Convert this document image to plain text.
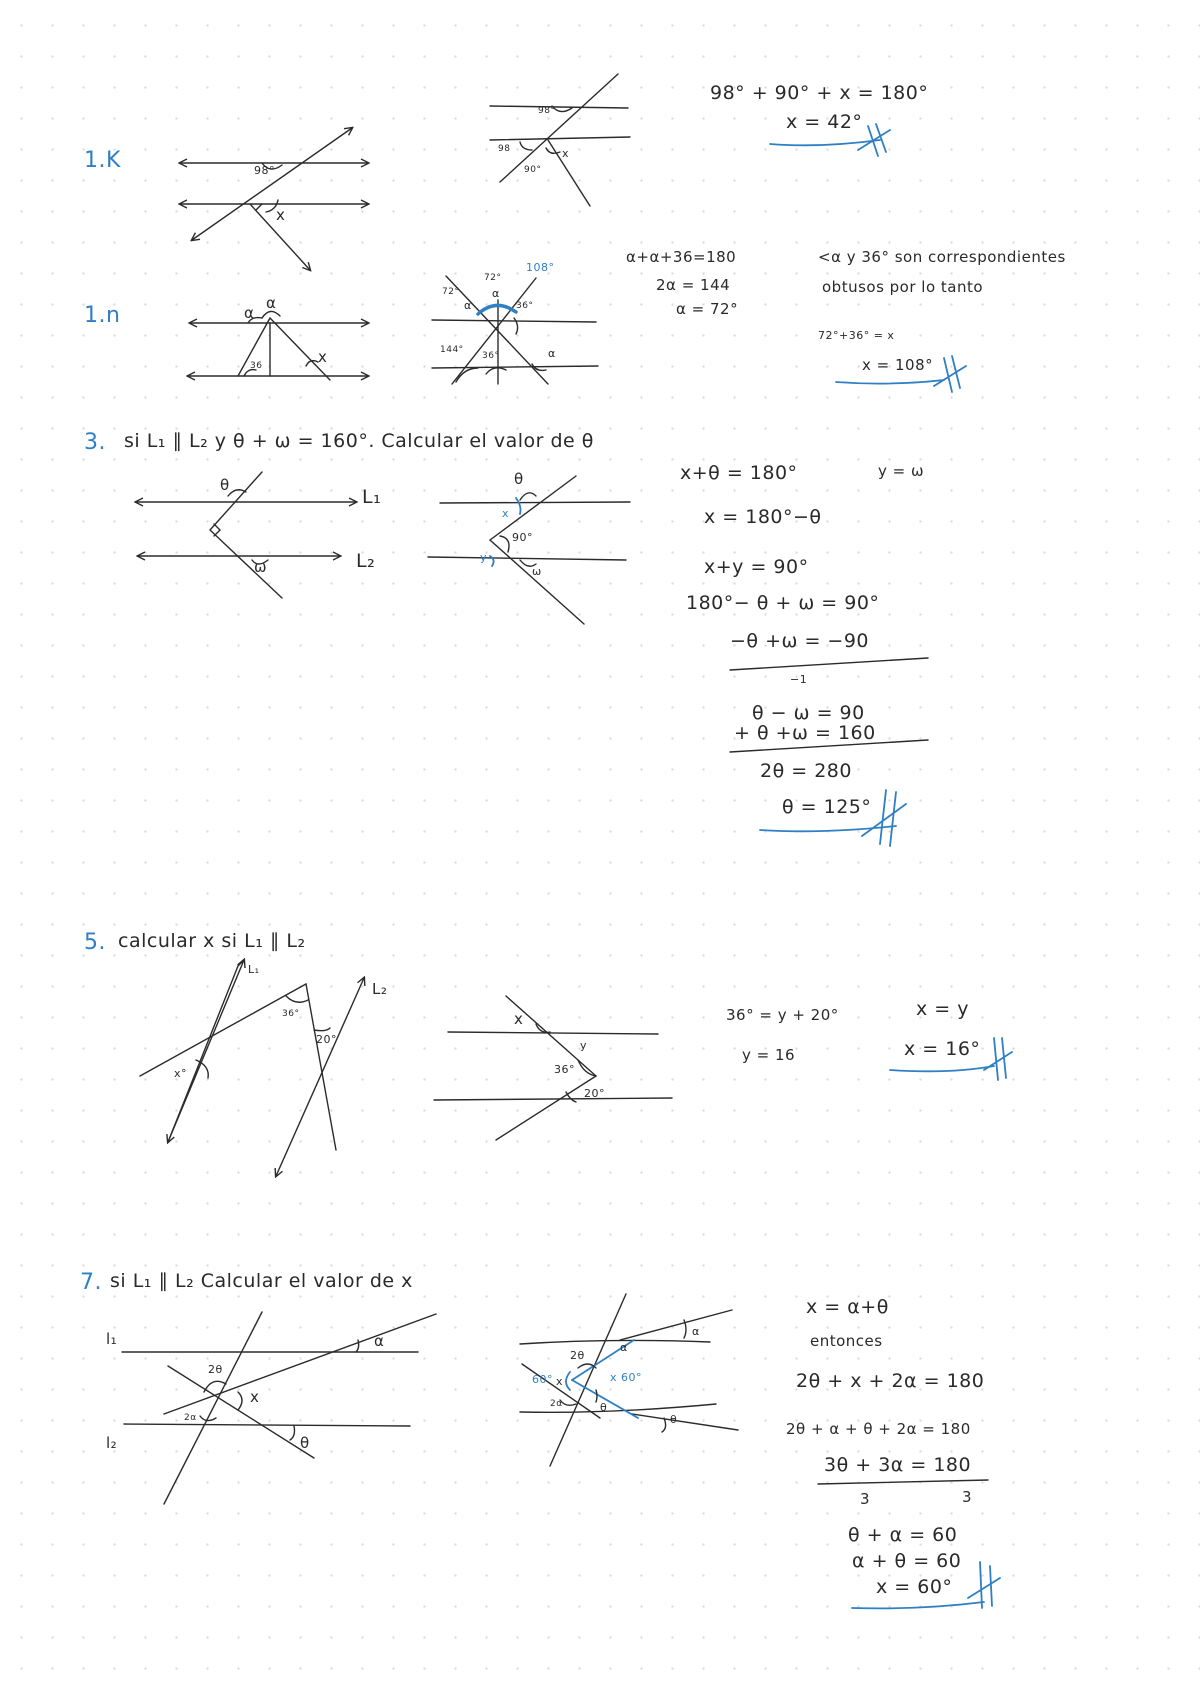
1.K	98°
x
98°
98
90°
x
98° + 90° + x = 180°
x = 42°
1.n	α
α
36	x
72°
72°
108°
α
α	36°
144°
36°	α
α+α+36=180
2α = 144
α = 72°
<α y 36° son correspondientes
obtusos por lo tanto
72°+36° = x
x = 108°
3. si L₁ ∥ L₂ y θ + ω = 160°. Calcular el valor de θ
θ
L₁
ω	L₂
θ
x
90°
y
ω
x+θ = 180°	y = ω
x = 180°−θ
x+y = 90°
180°− θ + ω = 90°
−θ +ω = −90
−1
θ − ω = 90
+ θ +ω = 160
2θ = 280
θ = 125°
5. calcular x si L₁ ∥ L₂
L₁
L₂
36°
20°
x°
x
y
36°
20°
36° = y + 20°
y = 16
x = y
x = 16°
7. si L₁ ∥ L₂ Calcular el valor de x
l₁
l₂
2θ
x
2α
α
θ
2θ
60° x	x 60°
2α
α
θ
α
θ
x = α+θ
entonces
2θ + x + 2α = 180
2θ + α + θ + 2α = 180
3θ + 3α = 180
3	3
θ + α = 60
α + θ = 60
x = 60°
